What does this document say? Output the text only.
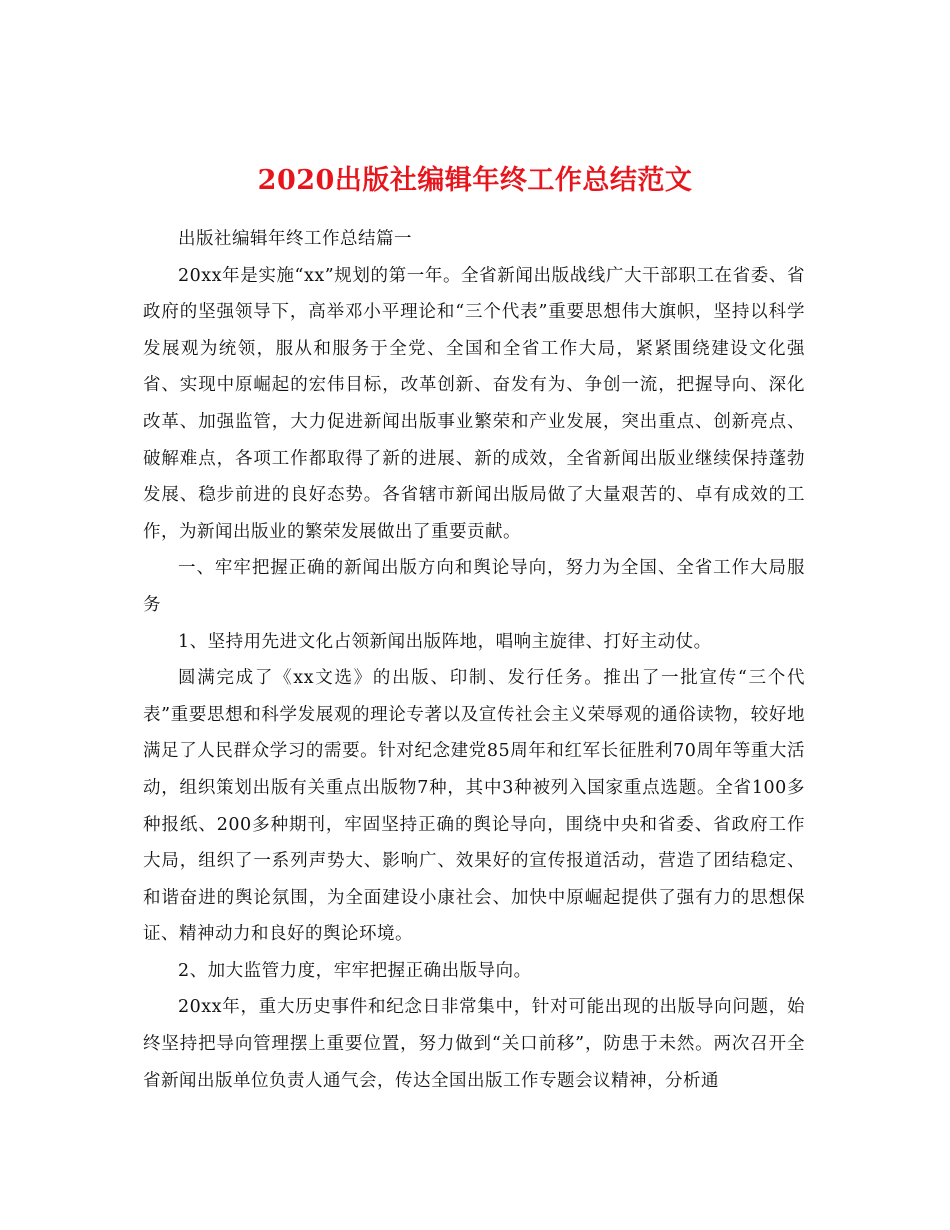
2020出版社编辑年终工作总结范文

出版社编辑年终工作总结篇一

20xx年是实施“xx”规划的第一年。全省新闻出版战线广大干部职工在省委、省政府的坚强领导下，高举邓小平理论和“三个代表”重要思想伟大旗帜，坚持以科学发展观为统领，服从和服务于全党、全国和全省工作大局，紧紧围绕建设文化强省、实现中原崛起的宏伟目标，改革创新、奋发有为、争创一流，把握导向、深化改革、加强监管，大力促进新闻出版事业繁荣和产业发展，突出重点、创新亮点、破解难点，各项工作都取得了新的进展、新的成效，全省新闻出版业继续保持蓬勃发展、稳步前进的良好态势。各省辖市新闻出版局做了大量艰苦的、卓有成效的工作，为新闻出版业的繁荣发展做出了重要贡献。

一、牢牢把握正确的新闻出版方向和舆论导向，努力为全国、全省工作大局服务

1、坚持用先进文化占领新闻出版阵地，唱响主旋律、打好主动仗。

圆满完成了《xx文选》的出版、印制、发行任务。推出了一批宣传“三个代表”重要思想和科学发展观的理论专著以及宣传社会主义荣辱观的通俗读物，较好地满足了人民群众学习的需要。针对纪念建党85周年和红军长征胜利70周年等重大活动，组织策划出版有关重点出版物7种，其中3种被列入国家重点选题。全省100多种报纸、200多种期刊，牢固坚持正确的舆论导向，围绕中央和省委、省政府工作大局，组织了一系列声势大、影响广、效果好的宣传报道活动，营造了团结稳定、和谐奋进的舆论氛围，为全面建设小康社会、加快中原崛起提供了强有力的思想保证、精神动力和良好的舆论环境。

2、加大监管力度，牢牢把握正确出版导向。

20xx年，重大历史事件和纪念日非常集中，针对可能出现的出版导向问题，始终坚持把导向管理摆上重要位置，努力做到“关口前移”，防患于未然。两次召开全省新闻出版单位负责人通气会，传达全国出版工作专题会议精神，分析通
